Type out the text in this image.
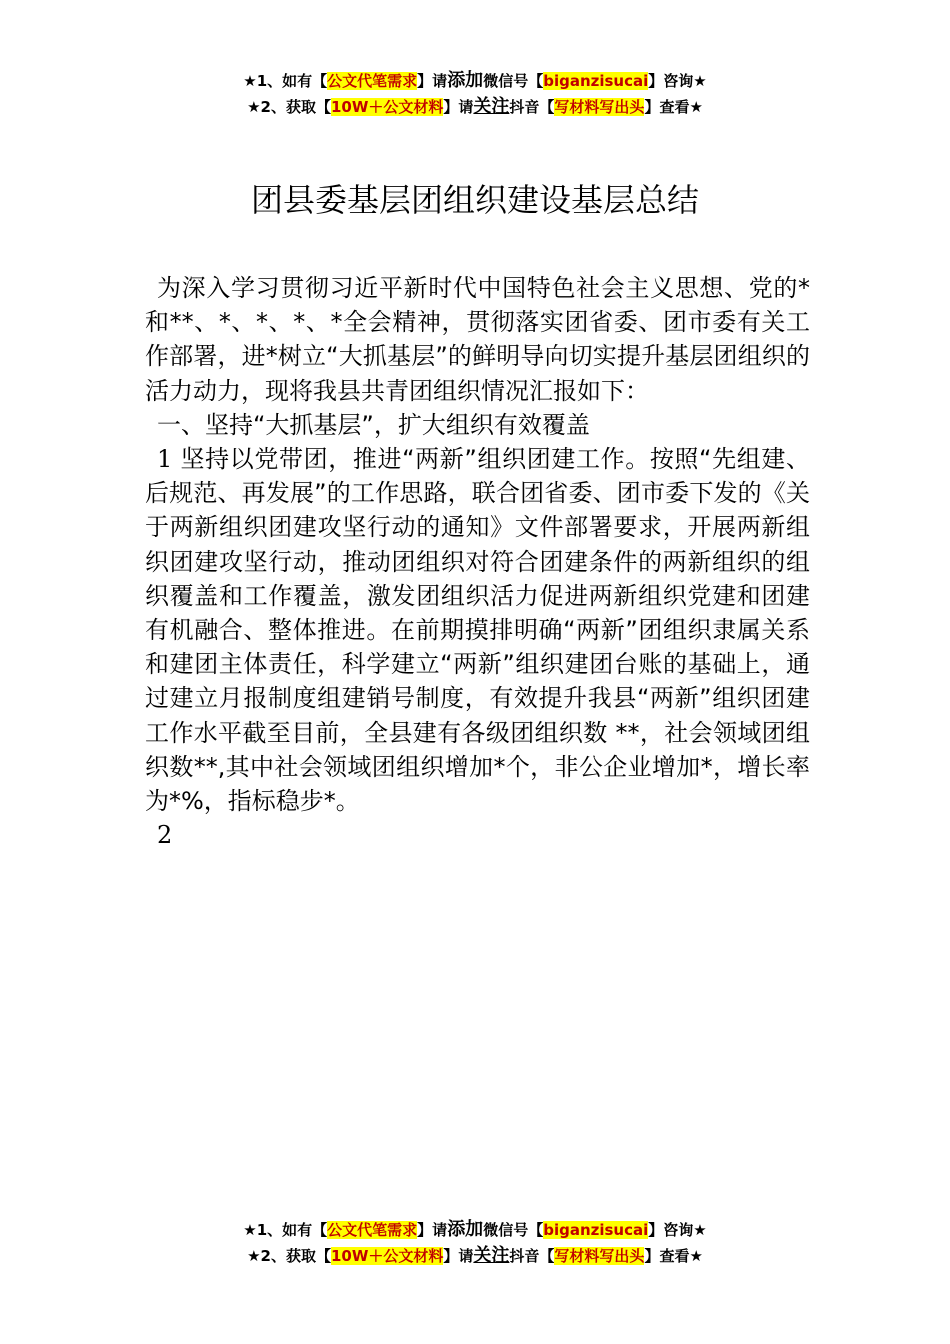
★1、如有【公文代笔需求】请添加微信号【biganzisucai】咨询★
★2、获取【10W＋公文材料】请关注抖音【写材料写出头】查看★
团县委基层团组织建设基层总结

为深入学习贯彻习近平新时代中国特色社会主义思想、党的*和**、*、*、*、*全会精神，贯彻落实团省委、团市委有关工作部署，进*树立“大抓基层”的鲜明导向切实提升基层团组织的活力动力，现将我县共青团组织情况汇报如下：

一、坚持“大抓基层”，扩大组织有效覆盖

1 坚持以党带团，推进“两新”组织团建工作。按照“先组建、后规范、再发展”的工作思路，联合团省委、团市委下发的《关于两新组织团建攻坚行动的通知》文件部署要求，开展两新组织团建攻坚行动，推动团组织对符合团建条件的两新组织的组织覆盖和工作覆盖，激发团组织活力促进两新组织党建和团建有机融合、整体推进。在前期摸排明确“两新”团组织隶属关系和建团主体责任，科学建立“两新”组织建团台账的基础上，通过建立月报制度组建销号制度，有效提升我县“两新”组织团建工作水平截至目前，全县建有各级团组织数 **，社会领域团组织数**,其中社会领域团组织增加*个，非公企业增加*，增长率为*%，指标稳步*。

2

★1、如有【公文代笔需求】请添加微信号【biganzisucai】咨询★
★2、获取【10W＋公文材料】请关注抖音【写材料写出头】查看★
